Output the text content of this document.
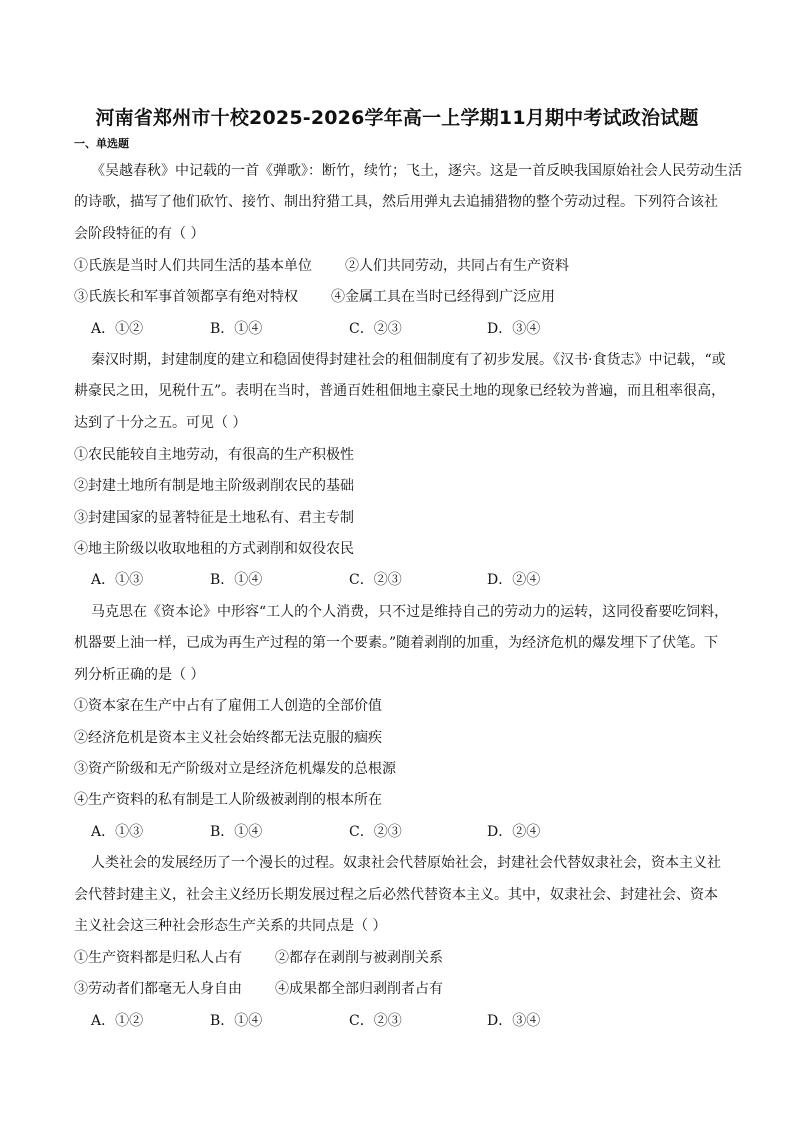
河南省郑州市十校2025-2026学年高一上学期11月期中考试政治试题
一、单选题
《吴越春秋》中记载的一首《弹歌》：断竹，续竹；飞土，逐宍。这是一首反映我国原始社会人民劳动生活
的诗歌，描写了他们砍竹、接竹、制出狩猎工具，然后用弹丸去追捕猎物的整个劳动过程。下列符合该社
会阶段特征的有（ ）
①氏族是当时人们共同生活的基本单位	②人们共同劳动，共同占有生产资料
③氏族长和军事首领都享有绝对特权	④金属工具在当时已经得到广泛应用
A．①②	B．①④	C．②③	D．③④
秦汉时期，封建制度的建立和稳固使得封建社会的租佃制度有了初步发展。《汉书·食货志》中记载，“或
耕豪民之田，见税什五”。表明在当时，普通百姓租佃地主豪民土地的现象已经较为普遍，而且租率很高，
达到了十分之五。可见（ ）
①农民能较自主地劳动，有很高的生产积极性
②封建土地所有制是地主阶级剥削农民的基础
③封建国家的显著特征是土地私有、君主专制
④地主阶级以收取地租的方式剥削和奴役农民
A．①③	B．①④	C．②③	D．②④
马克思在《资本论》中形容“工人的个人消费，只不过是维持自己的劳动力的运转，这同役畜要吃饲料，
机器要上油一样，已成为再生产过程的第一个要素。”随着剥削的加重，为经济危机的爆发埋下了伏笔。下
列分析正确的是（ ）
①资本家在生产中占有了雇佣工人创造的全部价值
②经济危机是资本主义社会始终都无法克服的痼疾
③资产阶级和无产阶级对立是经济危机爆发的总根源
④生产资料的私有制是工人阶级被剥削的根本所在
A．①③	B．①④	C．②③	D．②④
人类社会的发展经历了一个漫长的过程。奴隶社会代替原始社会，封建社会代替奴隶社会，资本主义社
会代替封建主义，社会主义经历长期发展过程之后必然代替资本主义。其中，奴隶社会、封建社会、资本
主义社会这三种社会形态生产关系的共同点是（ ）
①生产资料都是归私人占有	②都存在剥削与被剥削关系
③劳动者们都毫无人身自由	④成果都全部归剥削者占有
A．①②	B．①④	C．②③	D．③④
